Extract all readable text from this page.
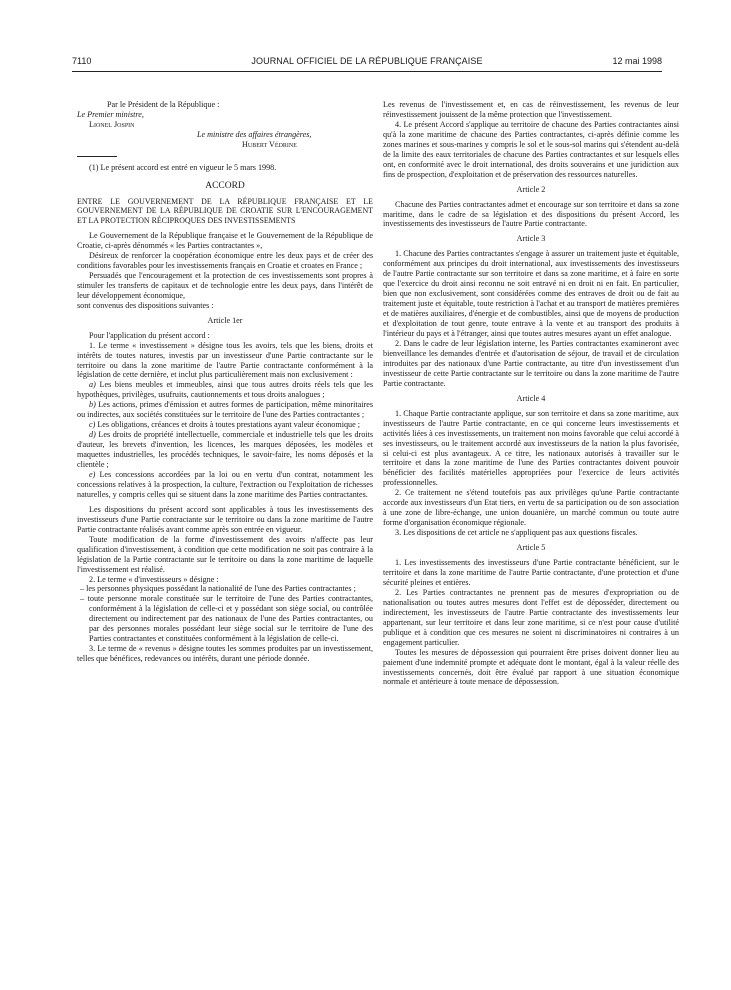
7110	JOURNAL OFFICIEL DE LA RÉPUBLIQUE FRANÇAISE	12 mai 1998

Par le Président de la République :

Le Premier ministre,

Lionel Jospin

Le ministre des affaires étrangères,

Hubert Védrine

(1) Le présent accord est entré en vigueur le 5 mars 1998.

ACCORD

ENTRE LE GOUVERNEMENT DE LA RÉPUBLIQUE FRANÇAISE ET LE GOUVERNEMENT DE LA RÉPUBLIQUE DE CROATIE SUR L'ENCOURAGEMENT ET LA PROTECTION RÉCIPROQUES DES INVESTISSEMENTS

Le Gouvernement de la République française et le Gouvernement de la République de Croatie, ci-après dénommés « les Parties contractantes »,

Désireux de renforcer la coopération économique entre les deux pays et de créer des conditions favorables pour les investissements français en Croatie et croates en France ;

Persuadés que l'encouragement et la protection de ces investissements sont propres à stimuler les transferts de capitaux et de technologie entre les deux pays, dans l'intérêt de leur développement économique,

sont convenus des dispositions suivantes :

Article 1er

Pour l'application du présent accord :

1. Le terme « investissement » désigne tous les avoirs, tels que les biens, droits et intérêts de toutes natures, investis par un investisseur d'une Partie contractante sur le territoire ou dans la zone maritime de l'autre Partie contractante conformément à la législation de cette dernière, et inclut plus particulièrement mais non exclusivement :

a) Les biens meubles et immeubles, ainsi que tous autres droits réels tels que les hypothèques, privilèges, usufruits, cautionnements et tous droits analogues ;

b) Les actions, primes d'émission et autres formes de participation, même minoritaires ou indirectes, aux sociétés constituées sur le territoire de l'une des Parties contractantes ;

c) Les obligations, créances et droits à toutes prestations ayant valeur économique ;

d) Les droits de propriété intellectuelle, commerciale et industrielle tels que les droits d'auteur, les brevets d'invention, les licences, les marques déposées, les modèles et maquettes industrielles, les procédés techniques, le savoir-faire, les noms déposés et la clientèle ;

e) Les concessions accordées par la loi ou en vertu d'un contrat, notamment les concessions relatives à la prospection, la culture, l'extraction ou l'exploitation de richesses naturelles, y compris celles qui se situent dans la zone maritime des Parties contractantes.

Les dispositions du présent accord sont applicables à tous les investissements des investisseurs d'une Partie contractante sur le territoire ou dans la zone maritime de l'autre Partie contractante réalisés avant comme après son entrée en vigueur.

Toute modification de la forme d'investissement des avoirs n'affecte pas leur qualification d'investissement, à condition que cette modification ne soit pas contraire à la législation de la Partie contractante sur le territoire ou dans la zone maritime de laquelle l'investissement est réalisé.

2. Le terme « d'investisseurs » désigne :

– les personnes physiques possédant la nationalité de l'une des Parties contractantes ;

– toute personne morale constituée sur le territoire de l'une des Parties contractantes, conformément à la législation de celle-ci et y possédant son siège social, ou contrôlée directement ou indirectement par des nationaux de l'une des Parties contractantes, ou par des personnes morales possédant leur siège social sur le territoire de l'une des Parties contractantes et constituées conformément à la législation de celle-ci.

3. Le terme de « revenus » désigne toutes les sommes produites par un investissement, telles que bénéfices, redevances ou intérêts, durant une période donnée.

Les revenus de l'investissement et, en cas de réinvestissement, les revenus de leur réinvestissement jouissent de la même protection que l'investissement.

4. Le présent Accord s'applique au territoire de chacune des Parties contractantes ainsi qu'à la zone maritime de chacune des Parties contractantes, ci-après définie comme les zones marines et sous-marines y compris le sol et le sous-sol marins qui s'étendent au-delà de la limite des eaux territoriales de chacune des Parties contractantes et sur lesquels elles ont, en conformité avec le droit international, des droits souverains et une juridiction aux fins de prospection, d'exploitation et de préservation des ressources naturelles.

Article 2

Chacune des Parties contractantes admet et encourage sur son territoire et dans sa zone maritime, dans le cadre de sa législation et des dispositions du présent Accord, les investissements des investisseurs de l'autre Partie contractante.

Article 3

1. Chacune des Parties contractantes s'engage à assurer un traitement juste et équitable, conformément aux principes du droit international, aux investissements des investisseurs de l'autre Partie contractante sur son territoire et dans sa zone maritime, et à faire en sorte que l'exercice du droit ainsi reconnu ne soit entravé ni en droit ni en fait. En particulier, bien que non exclusivement, sont considérées comme des entraves de droit ou de fait au traitement juste et équitable, toute restriction à l'achat et au transport de matières premières et de matières auxiliaires, d'énergie et de combustibles, ainsi que de moyens de production et d'exploitation de tout genre, toute entrave à la vente et au transport des produits à l'intérieur du pays et à l'étranger, ainsi que toutes autres mesures ayant un effet analogue.

2. Dans le cadre de leur législation interne, les Parties contractantes examineront avec bienveillance les demandes d'entrée et d'autorisation de séjour, de travail et de circulation introduites par des nationaux d'une Partie contractante, au titre d'un investissement d'un investisseur de cette Partie contractante sur le territoire ou dans la zone maritime de l'autre Partie contractante.

Article 4

1. Chaque Partie contractante applique, sur son territoire et dans sa zone maritime, aux investisseurs de l'autre Partie contractante, en ce qui concerne leurs investissements et activités liées à ces investissements, un traitement non moins favorable que celui accordé à ses investisseurs, ou le traitement accordé aux investisseurs de la nation la plus favorisée, si celui-ci est plus avantageux. A ce titre, les nationaux autorisés à travailler sur le territoire et dans la zone maritime de l'une des Parties contractantes doivent pouvoir bénéficier des facilités matérielles appropriées pour l'exercice de leurs activités professionnelles.

2. Ce traitement ne s'étend toutefois pas aux privilèges qu'une Partie contractante accorde aux investisseurs d'un Etat tiers, en vertu de sa participation ou de son association à une zone de libre-échange, une union douanière, un marché commun ou toute autre forme d'organisation économique régionale.

3. Les dispositions de cet article ne s'appliquent pas aux questions fiscales.

Article 5

1. Les investissements des investisseurs d'une Partie contractante bénéficient, sur le territoire et dans la zone maritime de l'autre Partie contractante, d'une protection et d'une sécurité pleines et entières.

2. Les Parties contractantes ne prennent pas de mesures d'expropriation ou de nationalisation ou toutes autres mesures dont l'effet est de déposséder, directement ou indirectement, les investisseurs de l'autre Partie contractante des investissements leur appartenant, sur leur territoire et dans leur zone maritime, si ce n'est pour cause d'utilité publique et à condition que ces mesures ne soient ni discriminatoires ni contraires à un engagement particulier.

Toutes les mesures de dépossession qui pourraient être prises doivent donner lieu au paiement d'une indemnité prompte et adéquate dont le montant, égal à la valeur réelle des investissements concernés, doit être évalué par rapport à une situation économique normale et antérieure à toute menace de dépossession.
